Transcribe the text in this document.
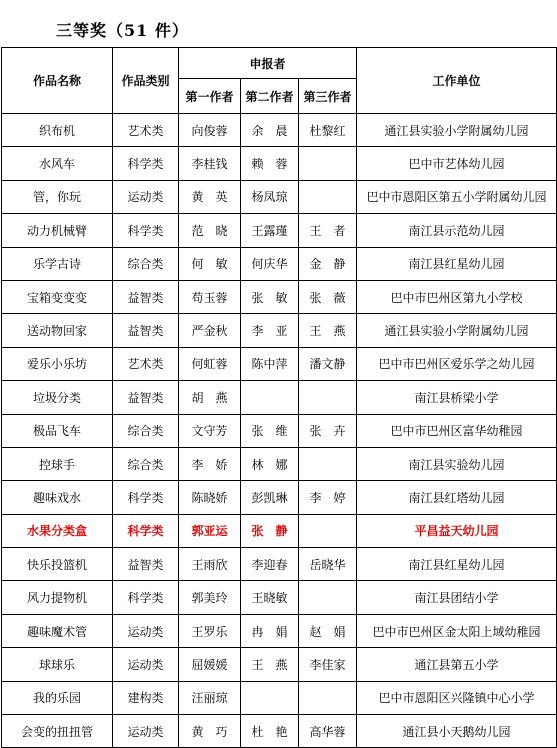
三等奖（51 件）
作品名称	作品类别	申报者			工作单位
		第一作者	第二作者	第三作者	
织布机	艺术类	向俊蓉	余　晨	杜黎红	通江县实验小学附属幼儿园
水风车	科学类	李桂钱	赖　蓉		巴中市艺体幼儿园
管，你玩	运动类	黄　英	杨凤琼		巴中市恩阳区第五小学附属幼儿园
动力机械臂	科学类	范　晓	王露瑾	王　者	南江县示范幼儿园
乐学古诗	综合类	何　敏	何庆华	金　静	南江县红星幼儿园
宝箱变变变	益智类	苟玉蓉	张　敏	张　薇	巴中市巴州区第九小学校
送动物回家	益智类	严金秋	李　亚	王　燕	通江县实验小学附属幼儿园
爱乐小乐坊	艺术类	何虹蓉	陈中萍	潘文静	巴中市巴州区爱乐学之幼儿园
垃圾分类	益智类	胡　燕			南江县桥梁小学
极品飞车	综合类	文守芳	张　维	张　卉	巴中市巴州区富华幼稚园
控球手	综合类	李　娇	林　娜		南江县实验幼儿园
趣味戏水	科学类	陈晓娇	彭凯琳	李　婷	南江县红塔幼儿园
水果分类盒	科学类	郭亚运	张　静		平昌益天幼儿园
快乐投篮机	益智类	王雨欣	李迎春	岳晓华	南江县红星幼儿园
风力提物机	科学类	郭美玲	王晓敏		南江县团结小学
趣味魔术管	运动类	王罗乐	冉　娟	赵　娟	巴中市巴州区金太阳上域幼稚园
球球乐	运动类	屈媛媛	王　燕	李佳家	通江县第五小学
我的乐园	建构类	汪丽琼			巴中市恩阳区兴隆镇中心小学
会变的扭扭管	运动类	黄　巧	杜　艳	高华蓉	通江县小天鹅幼儿园
